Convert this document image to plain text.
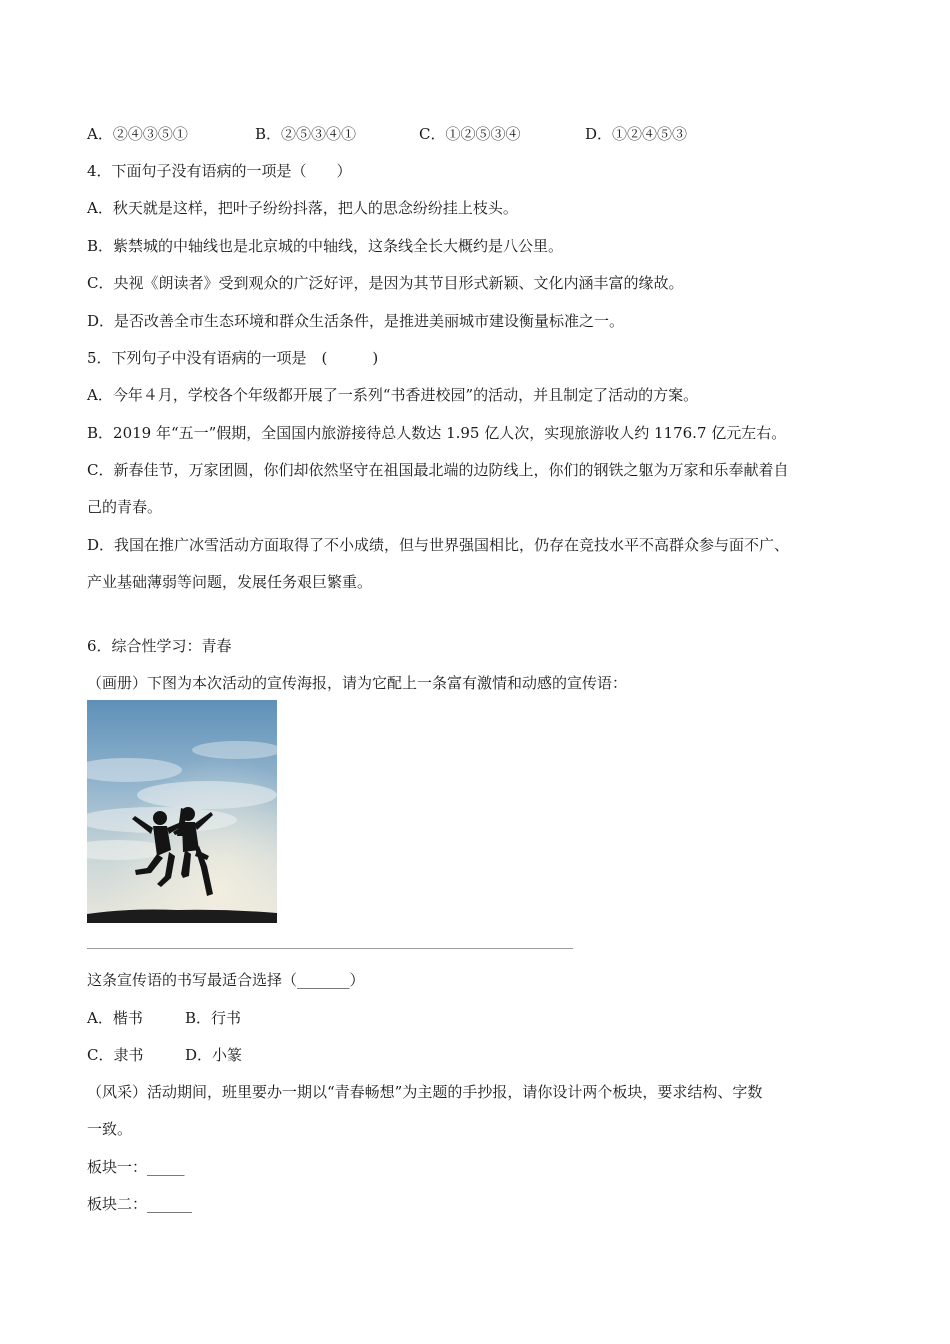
A．②④③⑤①	B．②⑤③④①	C．①②⑤③④	D．①②④⑤③
4．下面句子没有语病的一项是（　　）
A．秋天就是这样，把叶子纷纷抖落，把人的思念纷纷挂上枝头。
B．紫禁城的中轴线也是北京城的中轴线，这条线全长大概约是八公里。
C．央视《朗读者》受到观众的广泛好评，是因为其节目形式新颖、文化内涵丰富的缘故。
D．是否改善全市生态环境和群众生活条件，是推进美丽城市建设衡量标准之一。
5．下列句子中没有语病的一项是　(　　　)
A．今年４月，学校各个年级都开展了一系列“书香进校园”的活动，并且制定了活动的方案。
B．2019 年“五一”假期，全国国内旅游接待总人数达 1.95 亿人次，实现旅游收人约 1176.7 亿元左右。
C．新春佳节，万家团圆，你们却依然坚守在祖国最北端的边防线上，你们的钢铁之躯为万家和乐奉献着自
己的青春。
D．我国在推广冰雪活动方面取得了不小成绩，但与世界强国相比，仍存在竞技水平不高群众参与面不广、
产业基础薄弱等问题，发展任务艰巨繁重。
6．综合性学习：青春
（画册）下图为本次活动的宣传海报，请为它配上一条富有激情和动感的宣传语：
这条宣传语的书写最适合选择（_______）
A．楷书	B．行书
C．隶书	D．小篆
（风采）活动期间，班里要办一期以“青春畅想”为主题的手抄报，请你设计两个板块，要求结构、字数
一致。
板块一：_____
板块二：______
